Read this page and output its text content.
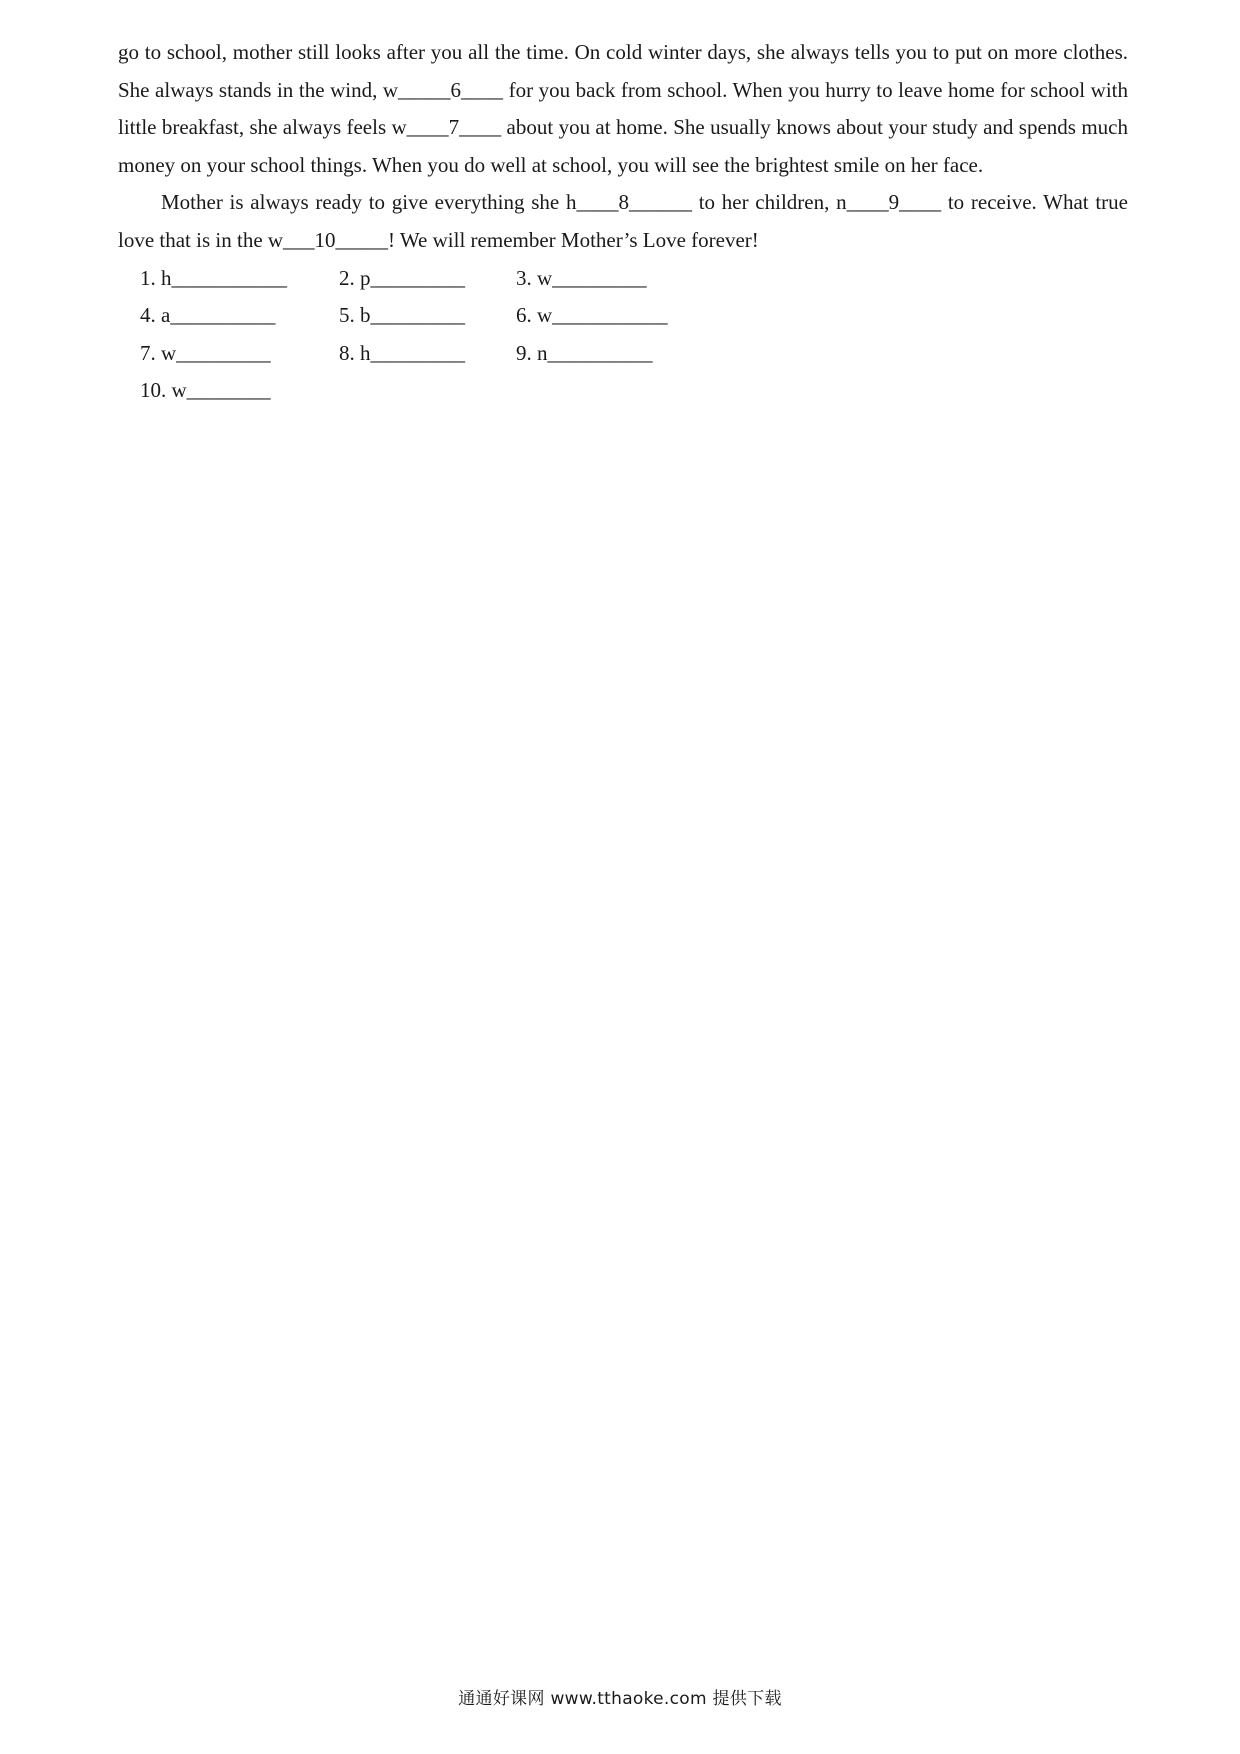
go to school, mother still looks after you all the time. On cold winter days, she always tells you to put on more clothes. She always stands in the wind, w_____6____ for you back from school. When you hurry to leave home for school with little breakfast, she always feels w____7____ about you at home. She usually knows about your study and spends much money on your school things. When you do well at school, you will see the brightest smile on her face.

Mother is always ready to give everything she h____8______ to her children, n____9____ to receive. What true love that is in the w___10_____! We will remember Mother’s Love forever!

1. h___________	2. p_________	3. w_________
4. a__________	5. b_________	6. w___________
7. w_________	8. h_________	9. n__________
10. w________
通通好课网 www.tthaoke.com 提供下载
